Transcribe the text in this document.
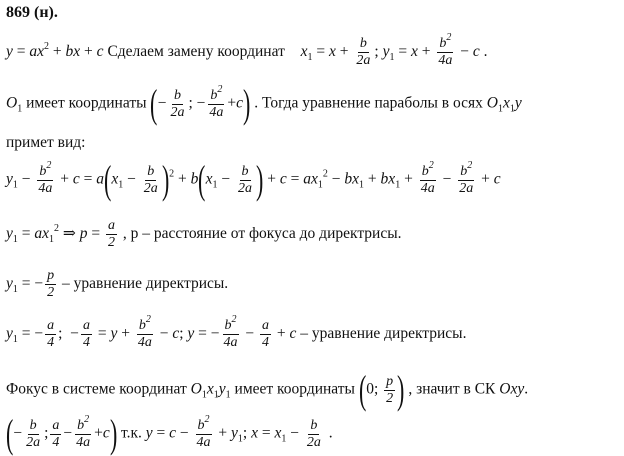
869 (н).
$y = ax^2$ + bx + c Сделаем замену координат $x_1 = x + \frac{b}{2a}$ ; $y_1 = x + \frac{b^2}{4a} - c$ .
$O_1$ имеет координаты (− $\frac{b}{2a}$ ; − $\frac{b^2}{4a} +c$) . Тогда уравнение параболы в осях $O_1x_1y$
примет вид:
$y_1 - \frac{b^2}{4a} + c = a(x_1 - \frac{b}{2a} )^2 + b(x_1 - \frac{b}{2a}$ ) + $c = ax_1^2 - bx_1 + bx_1 + \frac{b^2}{4a} - \frac{b^2}{2a} + c$
$y_1 = ax_1^2$ ⇒ $p = \frac{a}{2}$ , p – расстояние от фокуса до директрисы.
$y_1$ = − $\frac{p}{2}$ – уравнение директрисы.
$y_1$ = − $\frac{a}{4}$ ;  − $\frac{a}{4} = y + \frac{b^2}{4a} - c$; y = − $\frac{b^2}{4a} - \frac{a}{4} + c$ – уравнение директрисы.
Фокус в системе координат $O_1x_1y_1$ имеет координаты (0; $\frac{p}{2}$ ) , значит в СК Oxy.
(− $\frac{b}{2a}$ ; $\frac{a}{4} - \frac{b^2}{4a} +c$) т.к. $y = c - \frac{b^2}{4a} + y_1$; $x = x_1 - \frac{b}{2a}$ .
